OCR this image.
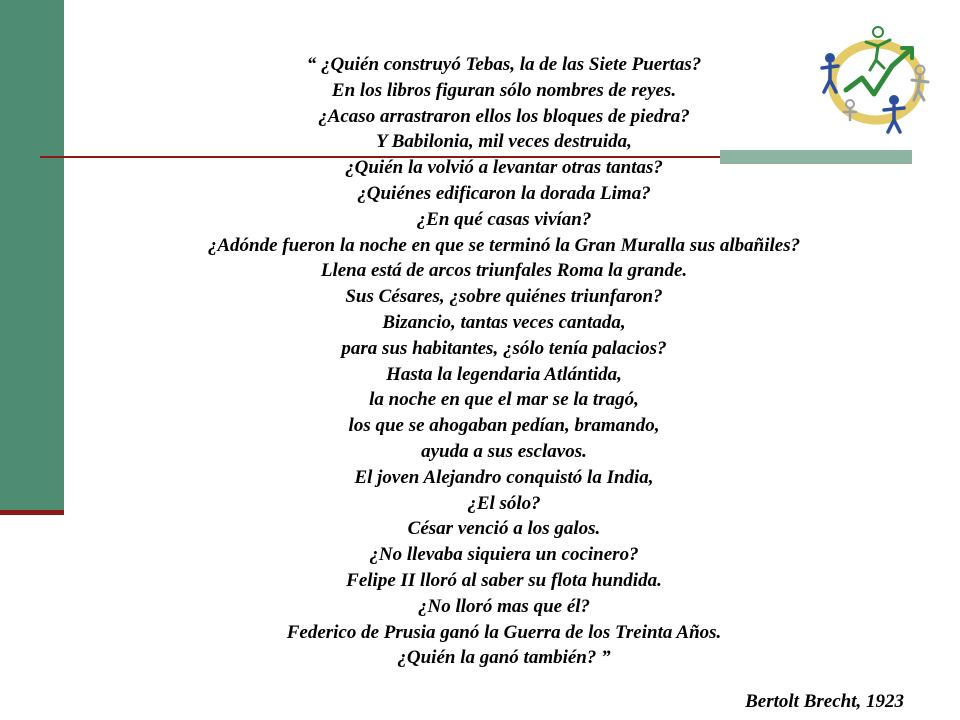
“ ¿Quién construyó Tebas, la de las Siete Puertas?
En los libros figuran sólo nombres de reyes.
¿Acaso arrastraron ellos los bloques de piedra?
Y Babilonia, mil veces destruida,
¿Quién la volvió a levantar otras tantas?
¿Quiénes edificaron la dorada Lima?
¿En qué casas vivían?
¿Adónde fueron la noche en que se terminó la Gran Muralla sus albañiles?
Llena está de arcos triunfales Roma la grande.
Sus Césares, ¿sobre quiénes triunfaron?
Bizancio, tantas veces cantada,
para sus habitantes, ¿sólo tenía palacios?
Hasta la legendaria Atlántida,
la noche en que el mar se la tragó,
los que se ahogaban pedían, bramando,
ayuda a sus esclavos.
El joven Alejandro conquistó la India,
¿El sólo?
César venció a los galos.
¿No llevaba siquiera un cocinero?
Felipe II lloró al saber su flota hundida.
¿No lloró mas que él?
Federico de Prusia ganó la Guerra de los Treinta Años.
¿Quién la ganó también? ”
Bertolt Brecht, 1923
